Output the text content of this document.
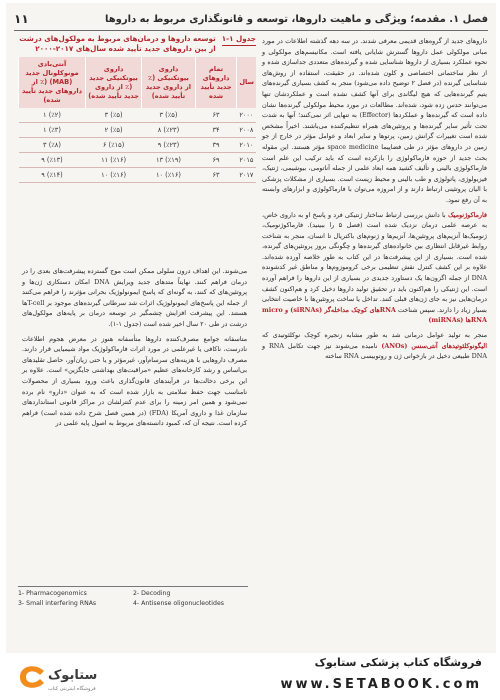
فصل ۱. مقدمه؛ ویژگی و ماهیت داروها، توسعه و قانونگذاری مربوط به داروها
۱۱
جدول ۱-۱
توسعه داروها و درمان‌های مربوط به مولکول‌های درشت از بین داروهای جدید تأیید شده سال‌های ۲۰۱۷-۲۰۰۰
سال	تمام داروهای جدید تأیید شده	داروی بیوتکنیکی (٪ از داروی جدید تأیید شده)	داروی بیوتکنیکی جدید (٪ از داروی جدید تأیید شده)	آنتی‌بادی مونوکلونال جدید (MAB) (٪ از داروهای جدید تأیید شده)
۲۰۰۰	۶۳	(٪۵) ۳	(٪۵) ۳	(٪۲) ۱
۲۰۰۸	۳۴	(٪۲۳) ۸	(٪۵) ۲	(٪۳) ۱
۲۰۱۰	۳۹	(٪۲۳) ۹	(٪۱۵) ۶	(٪۸) ۳
۲۰۱۵	۶۹	(٪۱۹) ۱۳	(٪۱۶) ۱۱	(٪۱۳) ۹
۲۰۱۷	۶۳	(٪۱۶) ۱۰	(٪۱۶) ۱۰	(٪۱۴) ۹

داروهای جدید از گروه‌های قدیمی معرفی شدند. در سه دهه گذشته اطلاعات در مورد مبانی مولکولی عمل داروها گسترش شایانی یافته است. مکانیسم‌های مولکولی و نحوه عملکرد بسیاری از داروها شناسایی شده و گیرنده‌های متعددی جداسازی شده و از نظر ساختمانی اختصاصی و کلون شده‌اند. در حقیقت، استفاده از روش‌های شناسایی گیرنده (در فصل ۲ توضیح داده می‌شود) منجر به کشف بسیاری گیرنده‌های یتیم گیرنده‌هایی که هیچ لیگاندی برای آنها کشف نشده است و عملکردشان تنها می‌توانند حدس زده شود، شده‌اند. مطالعات در مورد محیط مولکولی گیرنده‌ها نشان داده است که گیرنده‌ها و عملکردها (Effector) به تنهایی اثر نمی‌کنند؛ آنها به شدت تحت تأثیر سایر گیرنده‌ها و پروتئین‌های همراه تنظیم‌کننده می‌باشند. اخیراً مشخص شده است تغییرات گرانش زمین، پرتوها و سایر ابعاد و عوامل مؤثر در خارج از جو زمین در داروهای مؤثر در طی فضاپیما space medicine مؤثر هستند. این مقوله بحث جدید از حوزه فارماکولوژی را بازکرده است که باید ترکیب این علم است فارماکولوژی بالینی و تألیف کشید همه ابعاد علمی از جمله آناتومی، بیوشیمی، ژنتیک، فیزیولوژی، پاتولوژی و طب بالینی و محیط زیست است. بسیاری از مشکلات پزشکی با الیان پروتئینی ارتباط دارند و از امروزه می‌توان با فارماکولوژی و ابزارهای وابسته به آن رفع نمود.

فارماکوژنومیک با دانش بررسی ارتباط ساختار ژنتیکی فرد و پاسخ او به داروی خاص، به عرصه علمی درمان نزدیک شده است (فصل ۵ را ببینید). فارماکوژنومیک، ژنومیک‌ها آنزیم‌های پروتئین‌ها، آنزیم‌ها و ژنوم‌های باکتریال تا انسان، منجر به شناخت روابط غیرقابل انتظاری بین خانواده‌های گیرنده‌ها و چگونگی بروز پروتئین‌های گیرنده، شده است. بسیاری از این پیشرفت‌ها در این کتاب به طور خلاصه آورده شده‌اند. علاوه بر این کشف کنترل نقش تنظیمی برخی کروموزوم‌ها و مناطق غیر کدشونده DNA از جمله اگزون‌ها یک دستاورد جدیدی در بسیاری از این داروها را فراهم آورده است. این ژنتیکی را هم‌اکنون باید در تحقیق تولید داروها دخیل کرد و هم‌اکنون کشف درمان‌هایی نیز به جای ژن‌های قبلی کنند. تداخل یا ساخت پروتئین‌ها با خاصیت انتخابی بسیار زیاد را دارند. سپس شناخت RNAهای کوچک مداخله‌گر (siRNAs) و micro RNAها (miRNAs)

منجر به تولید عوامل درمانی شد به طور مشابه زنجیره کوچک نوکلئوتیدی که الیگونوکلئوتیدهای آنتی‌سنس (ANOs) نامیده می‌شوند نیز جهت تکامل RNA و DNA طبیعی دخیل در بازخوانی ژن و روتوبیسی RNA ساخته

می‌شوند. این اهداف درون سلولی ممکن است موج گسترده پیشرفت‌های بعدی را در درمان فراهم کنند. نهایتاً متدهای جدید ویرایش DNA امکان دستکاری ژن‌ها و پروتئین‌های که کنند، به گونه‌ای که پاسخ ایمونولوژیک بحرانی مؤثرند را فراهم می‌کنند از جمله این پاسخ‌های ایمونولوژیک اثرات شد سرطانی گیرنده‌های موجود بر T-cellها هستند. این پیشرفت افزایش چشمگیر در توسعه درمان بر پایه‌های مولکول‌های درشت در طی ۲۰ سال اخیر شده است (جدول ۱-۱).

متاسفانه جوامع مصرف‌کننده داروها متأسفانه هنوز در معرض هجوم اطلاعات نادرست، ناکافی یا غیرعلمی در مورد اثرات فارماکولوژیک مواد شیمیایی قرار دارند. مصرف داروهایی با هزینه‌های سرسام‌آور، غیرمؤثر و یا حتی زیان‌آور، حاصل تقلیدهای بی‌اساس و رشد کارخانه‌های عظیم «مراقبت‌های بهداشتی جایگزین» است. علاوه بر این برخی دخالت‌ها در فرآیندهای قانون‌گذاری باعث ورود بسیاری از محصولات نامناسب جهت حفظ سلامتی به بازار شده است که به عنوان «دارو» نام برده نمی‌شود و همین امر زمینه را برای عدم کنترلشان در مراکز قانونی استانداردهای سازمان غذا و داروی آمریکا (FDA) (در همین فصل شرح داده شده است) فراهم کرده است. نتیجه آن که، کمبود دانسته‌های مربوط به اصول پایه علمی در

1- Pharmacogenomics	2- Decoding
3- Small interfering RNAs	4- Antisense oligonucleotides
ستابوک
فروشگاه اینترنتی کتاب
فروشگاه کتاب پزشکی ستابوک
www.SETABOOK.com
